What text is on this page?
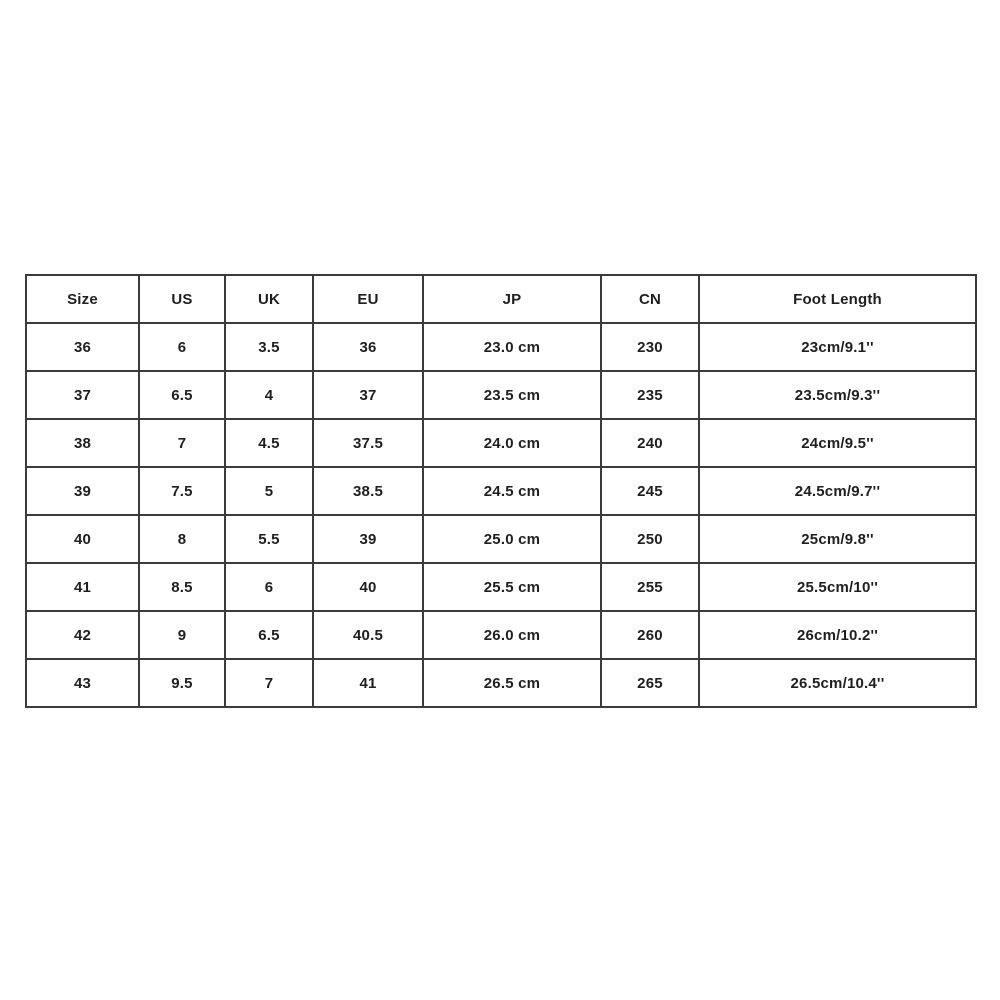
Size	US	UK	EU	JP	CN	Foot Length
36	6	3.5	36	23.0 cm	230	23cm/9.1''
37	6.5	4	37	23.5 cm	235	23.5cm/9.3''
38	7	4.5	37.5	24.0 cm	240	24cm/9.5''
39	7.5	5	38.5	24.5 cm	245	24.5cm/9.7''
40	8	5.5	39	25.0 cm	250	25cm/9.8''
41	8.5	6	40	25.5 cm	255	25.5cm/10''
42	9	6.5	40.5	26.0 cm	260	26cm/10.2''
43	9.5	7	41	26.5 cm	265	26.5cm/10.4''
